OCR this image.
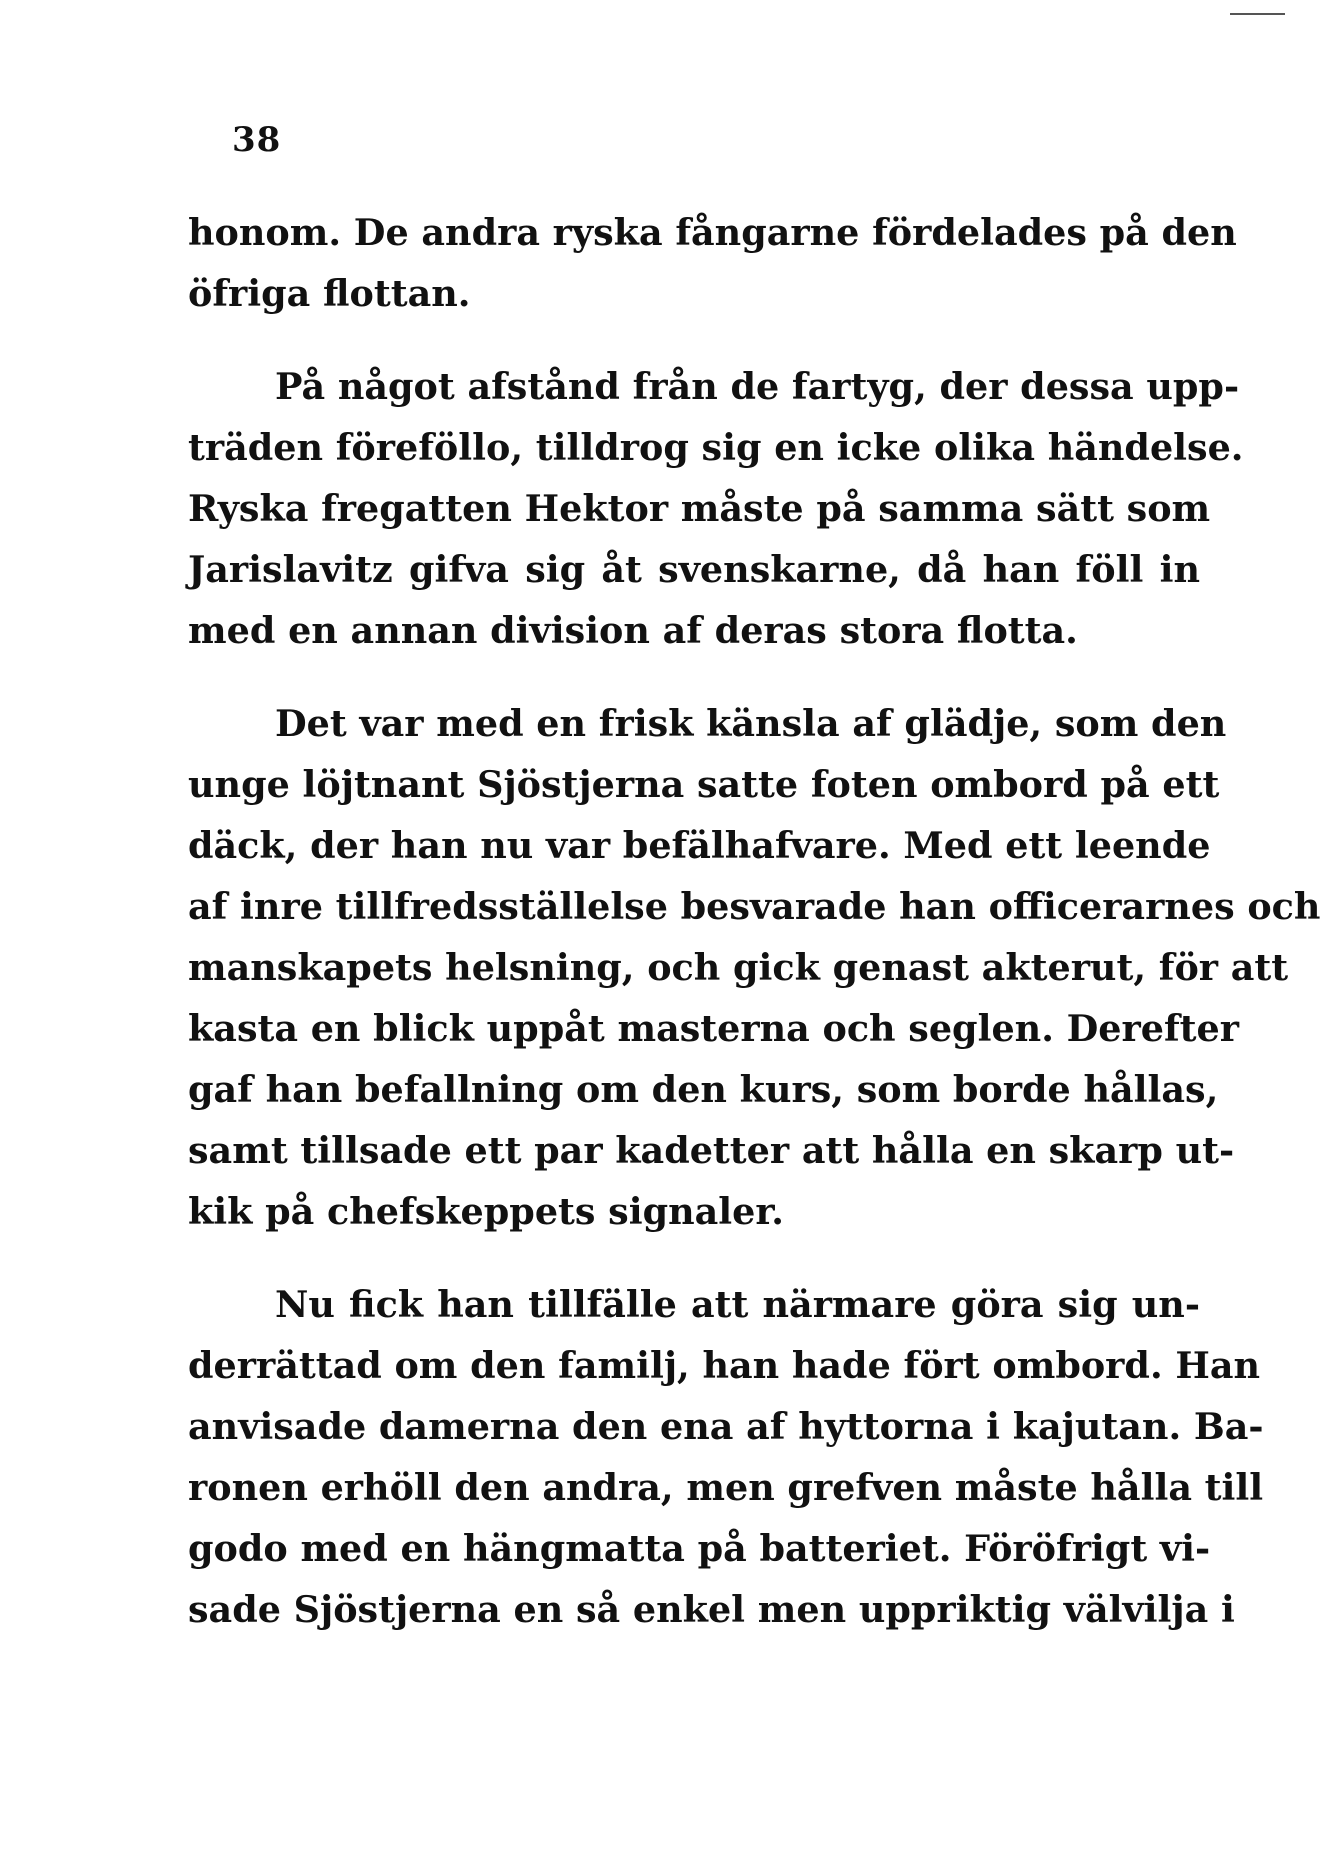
38
honom. De andra ryska fångarne fördelades på den
öfriga flottan.
På något afstånd från de fartyg, der dessa upp-
träden föreföllo, tilldrog sig en icke olika händelse.
Ryska fregatten Hektor måste på samma sätt som
Jarislavitz gifva sig åt svenskarne, då han föll in
med en annan division af deras stora flotta.
Det var med en frisk känsla af glädje, som den
unge löjtnant Sjöstjerna satte foten ombord på ett
däck, der han nu var befälhafvare. Med ett leende
af inre tillfredsställelse besvarade han officerarnes och
manskapets helsning, och gick genast akterut, för att
kasta en blick uppåt masterna och seglen. Derefter
gaf han befallning om den kurs, som borde hållas,
samt tillsade ett par kadetter att hålla en skarp ut-
kik på chefskeppets signaler.
Nu fick han tillfälle att närmare göra sig un-
derrättad om den familj, han hade fört ombord. Han
anvisade damerna den ena af hyttorna i kajutan. Ba-
ronen erhöll den andra, men grefven måste hålla till
godo med en hängmatta på batteriet. Föröfrigt vi-
sade Sjöstjerna en så enkel men uppriktig välvilja i
